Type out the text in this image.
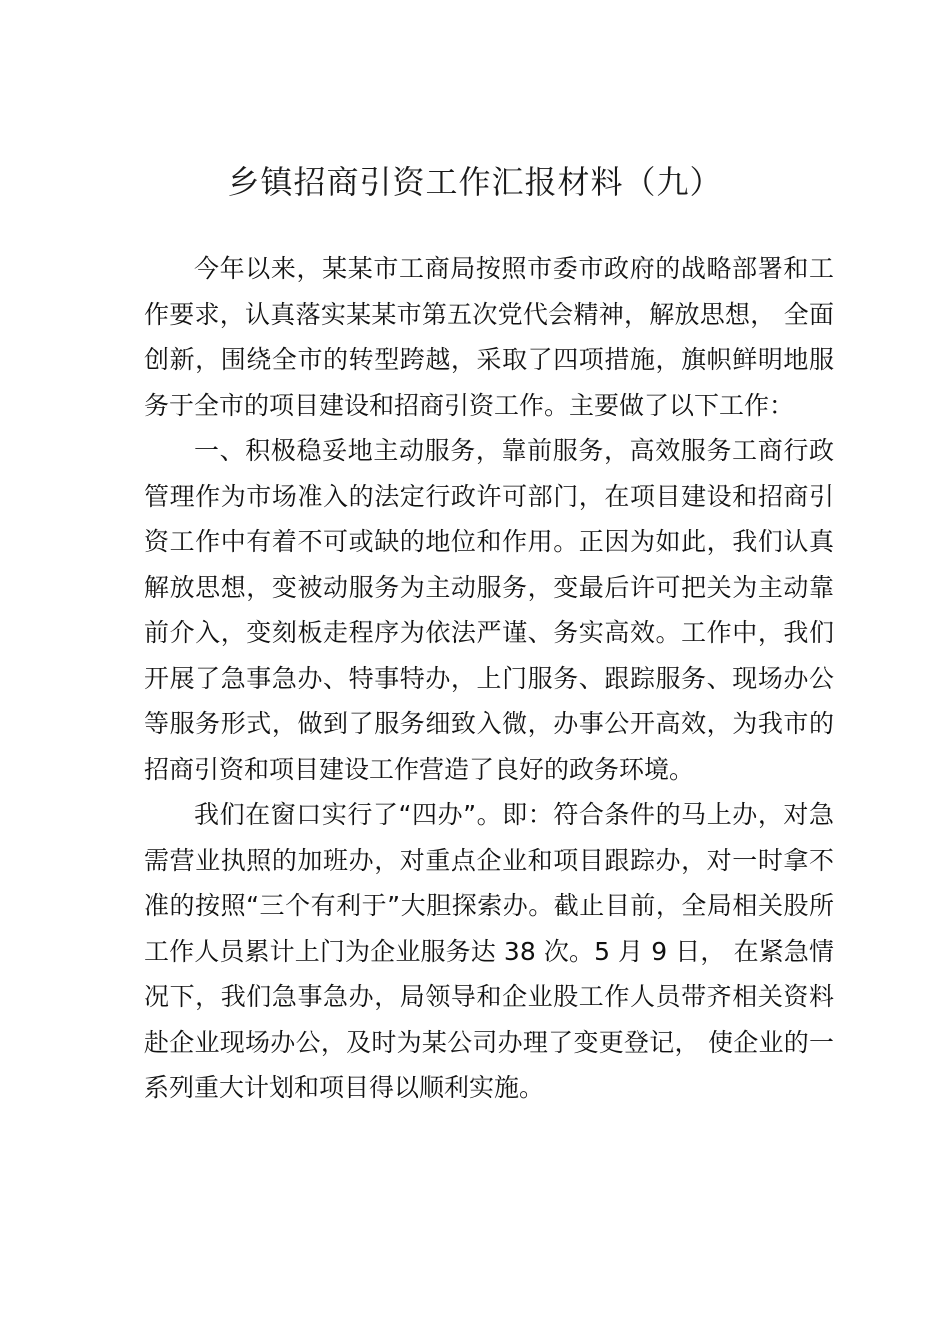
乡镇招商引资工作汇报材料（九）

今年以来，某某市工商局按照市委市政府的战略部署和工作要求，认真落实某某市第五次党代会精神，解放思想， 全面创新，围绕全市的转型跨越，采取了四项措施，旗帜鲜明地服务于全市的项目建设和招商引资工作。主要做了以下工作：

一、积极稳妥地主动服务，靠前服务，高效服务工商行政管理作为市场准入的法定行政许可部门，在项目建设和招商引资工作中有着不可或缺的地位和作用。正因为如此，我们认真解放思想，变被动服务为主动服务，变最后许可把关为主动靠前介入，变刻板走程序为依法严谨、务实高效。工作中，我们开展了急事急办、特事特办，上门服务、跟踪服务、现场办公等服务形式，做到了服务细致入微，办事公开高效，为我市的招商引资和项目建设工作营造了良好的政务环境。

我们在窗口实行了“四办”。即：符合条件的马上办，对急需营业执照的加班办，对重点企业和项目跟踪办，对一时拿不准的按照“三个有利于”大胆探索办。截止目前，全局相关股所工作人员累计上门为企业服务达 38 次。5 月 9 日， 在紧急情况下，我们急事急办，局领导和企业股工作人员带齐相关资料赴企业现场办公，及时为某公司办理了变更登记， 使企业的一系列重大计划和项目得以顺利实施。
